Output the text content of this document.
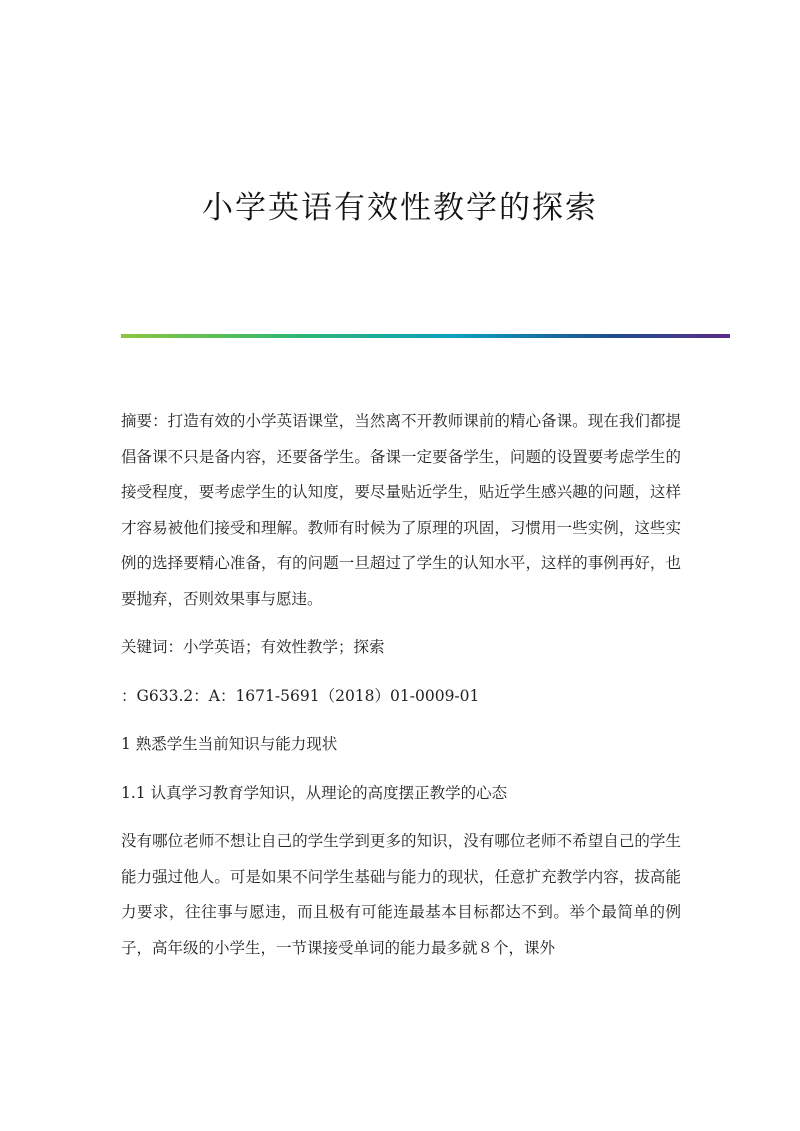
小学英语有效性教学的探索

摘要：打造有效的小学英语课堂，当然离不开教师课前的精心备课。现在我们都提倡备课不只是备内容，还要备学生。备课一定要备学生，问题的设置要考虑学生的接受程度，要考虑学生的认知度，要尽量贴近学生，贴近学生感兴趣的问题，这样才容易被他们接受和理解。教师有时候为了原理的巩固，习惯用一些实例，这些实例的选择要精心准备，有的问题一旦超过了学生的认知水平，这样的事例再好，也要抛弃，否则效果事与愿违。

关键词：小学英语；有效性教学；探索

：G633.2：A：1671-5691（2018）01-0009-01

1 熟悉学生当前知识与能力现状

1.1 认真学习教育学知识，从理论的高度摆正教学的心态

没有哪位老师不想让自己的学生学到更多的知识，没有哪位老师不希望自己的学生能力强过他人。可是如果不问学生基础与能力的现状，任意扩充教学内容，拔高能力要求，往往事与愿违，而且极有可能连最基本目标都达不到。举个最简单的例子，高年级的小学生，一节课接受单词的能力最多就８个，课外
